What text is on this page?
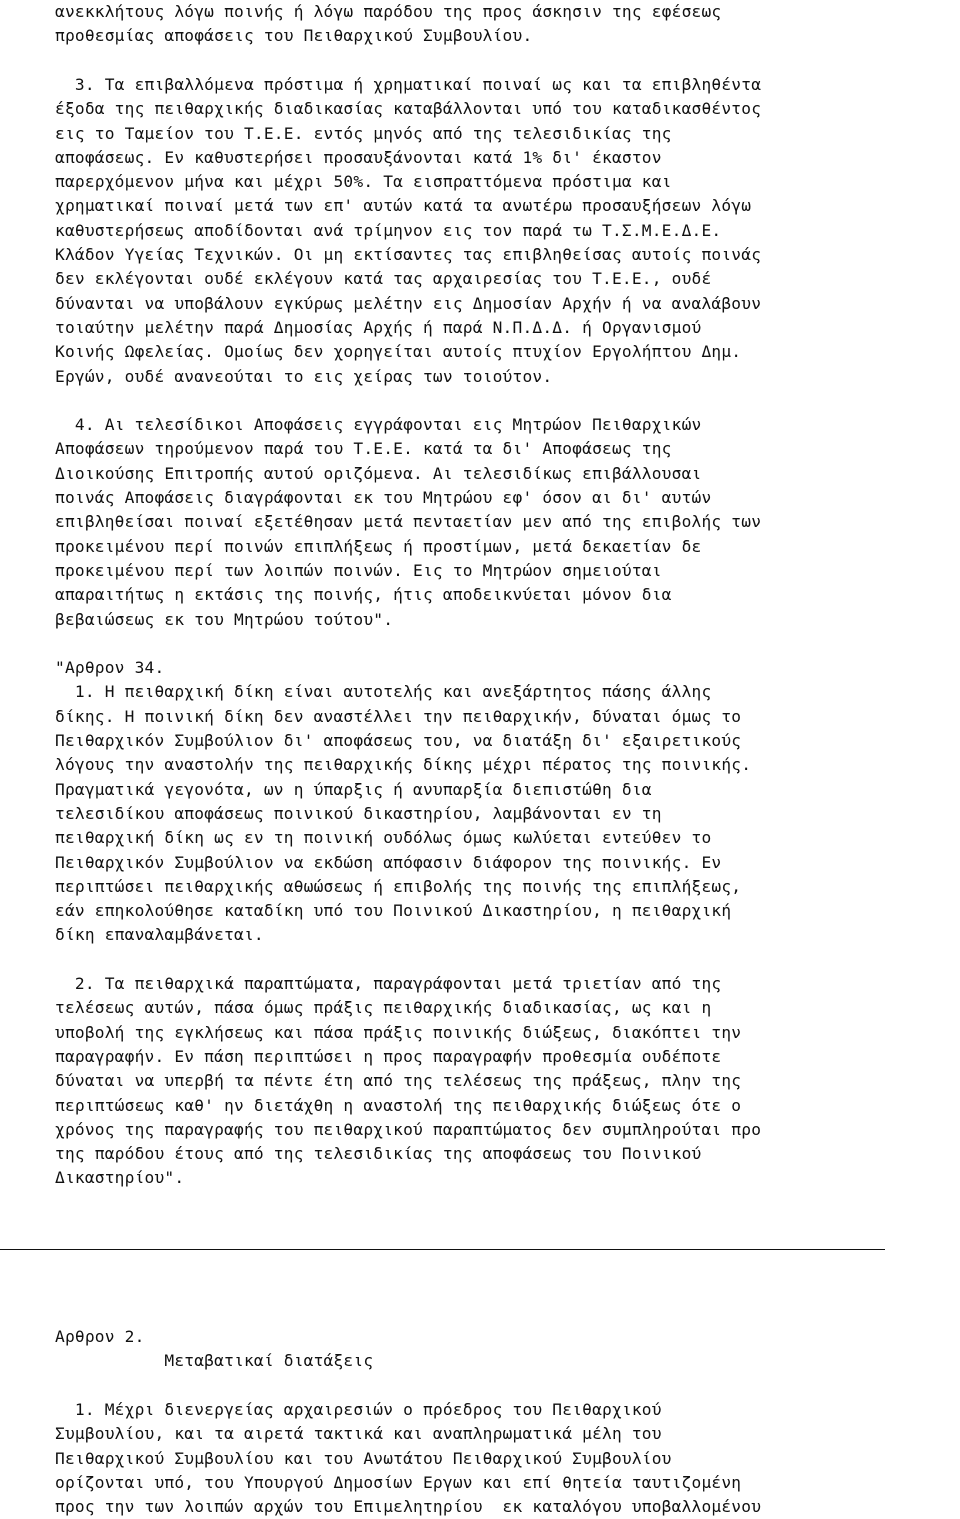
ανεκκλήτους λόγω ποινής ή λόγω παρόδου της προς άσκησιν της εφέσεως

προθεσμίας αποφάσεις του Πειθαρχικού Συμβουλίου.

3. Τα επιβαλλόμενα πρόστιμα ή χρηματικαί ποιναί ως και τα επιβληθέντα

έξοδα της πειθαρχικής διαδικασίας καταβάλλονται υπό του καταδικασθέντος

εις το Ταμείον του Τ.Ε.Ε. εντός μηνός από της τελεσιδικίας της

αποφάσεως. Εν καθυστερήσει προσαυξάνονται κατά 1% δι' έκαστον

παρερχόμενον μήνα και μέχρι 50%. Τα εισπραττόμενα πρόστιμα και

χρηματικαί ποιναί μετά των επ' αυτών κατά τα ανωτέρω προσαυξήσεων λόγω

καθυστερήσεως αποδίδονται ανά τρίμηνον εις τον παρά τω Τ.Σ.Μ.Ε.Δ.Ε.

Κλάδον Υγείας Τεχνικών. Οι μη εκτίσαντες τας επιβληθείσας αυτοίς ποινάς

δεν εκλέγονται ουδέ εκλέγουν κατά τας αρχαιρεσίας του Τ.Ε.Ε., ουδέ

δύνανται να υποβάλουν εγκύρως μελέτην εις Δημοσίαν Αρχήν ή να αναλάβουν

τοιαύτην μελέτην παρά Δημοσίας Αρχής ή παρά Ν.Π.Δ.Δ. ή Οργανισμού

Κοινής Ωφελείας. Ομοίως δεν χορηγείται αυτοίς πτυχίον Εργολήπτου Δημ.

Εργών, ουδέ ανανεούται το εις χείρας των τοιούτον.

4. Αι τελεσίδικοι Αποφάσεις εγγράφονται εις Μητρώον Πειθαρχικών

Αποφάσεων τηρούμενον παρά του Τ.Ε.Ε. κατά τα δι' Αποφάσεως της

Διοικούσης Επιτροπής αυτού οριζόμενα. Αι τελεσιδίκως επιβάλλουσαι

ποινάς Αποφάσεις διαγράφονται εκ του Μητρώου εφ' όσον αι δι' αυτών

επιβληθείσαι ποιναί εξετέθησαν μετά πενταετίαν μεν από της επιβολής των

προκειμένου περί ποινών επιπλήξεως ή προστίμων, μετά δεκαετίαν δε

προκειμένου περί των λοιπών ποινών. Εις το Μητρώον σημειούται

απαραιτήτως η εκτάσις της ποινής, ήτις αποδεικνύεται μόνον δια

βεβαιώσεως εκ του Μητρώου τούτου".

"Αρθρον 34.

1. Η πειθαρχική δίκη είναι αυτοτελής και ανεξάρτητος πάσης άλλης

δίκης. Η ποινική δίκη δεν αναστέλλει την πειθαρχικήν, δύναται όμως το

Πειθαρχικόν Συμβούλιον δι' αποφάσεως του, να διατάξη δι' εξαιρετικούς

λόγους την αναστολήν της πειθαρχικής δίκης μέχρι πέρατος της ποινικής.

Πραγματικά γεγονότα, ων η ύπαρξις ή ανυπαρξία διεπιστώθη δια

τελεσιδίκου αποφάσεως ποινικού δικαστηρίου, λαμβάνονται εν τη

πειθαρχική δίκη ως εν τη ποινική ουδόλως όμως κωλύεται εντεύθεν το

Πειθαρχικόν Συμβούλιον να εκδώση απόφασιν διάφορον της ποινικής. Εν

περιπτώσει πειθαρχικής αθωώσεως ή επιβολής της ποινής της επιπλήξεως,

εάν επηκολούθησε καταδίκη υπό του Ποινικού Δικαστηρίου, η πειθαρχική

δίκη επαναλαμβάνεται.

2. Τα πειθαρχικά παραπτώματα, παραγράφονται μετά τριετίαν από της

τελέσεως αυτών, πάσα όμως πράξις πειθαρχικής διαδικασίας, ως και η

υποβολή της εγκλήσεως και πάσα πράξις ποινικής διώξεως, διακόπτει την

παραγραφήν. Εν πάση περιπτώσει η προς παραγραφήν προθεσμία ουδέποτε

δύναται να υπερβή τα πέντε έτη από της τελέσεως της πράξεως, πλην της

περιπτώσεως καθ' ην διετάχθη η αναστολή της πειθαρχικής διώξεως ότε ο

χρόνος της παραγραφής του πειθαρχικού παραπτώματος δεν συμπληρούται προ

της παρόδου έτους από της τελεσιδικίας της αποφάσεως του Ποινικού

Δικαστηρίου".

Αρθρον 2.

Μεταβατικαί διατάξεις

1. Μέχρι διενεργείας αρχαιρεσιών ο πρόεδρος του Πειθαρχικού

Συμβουλίου, και τα αιρετά τακτικά και αναπληρωματικά μέλη του

Πειθαρχικού Συμβουλίου και του Ανωτάτου Πειθαρχικού Συμβουλίου

ορίζονται υπό, του Υπουργού Δημοσίων Εργων και επί θητεία ταυτιζομένη

προς την των λοιπών αρχών του Επιμελητηρίου  εκ καταλόγου υποβαλλομένου
